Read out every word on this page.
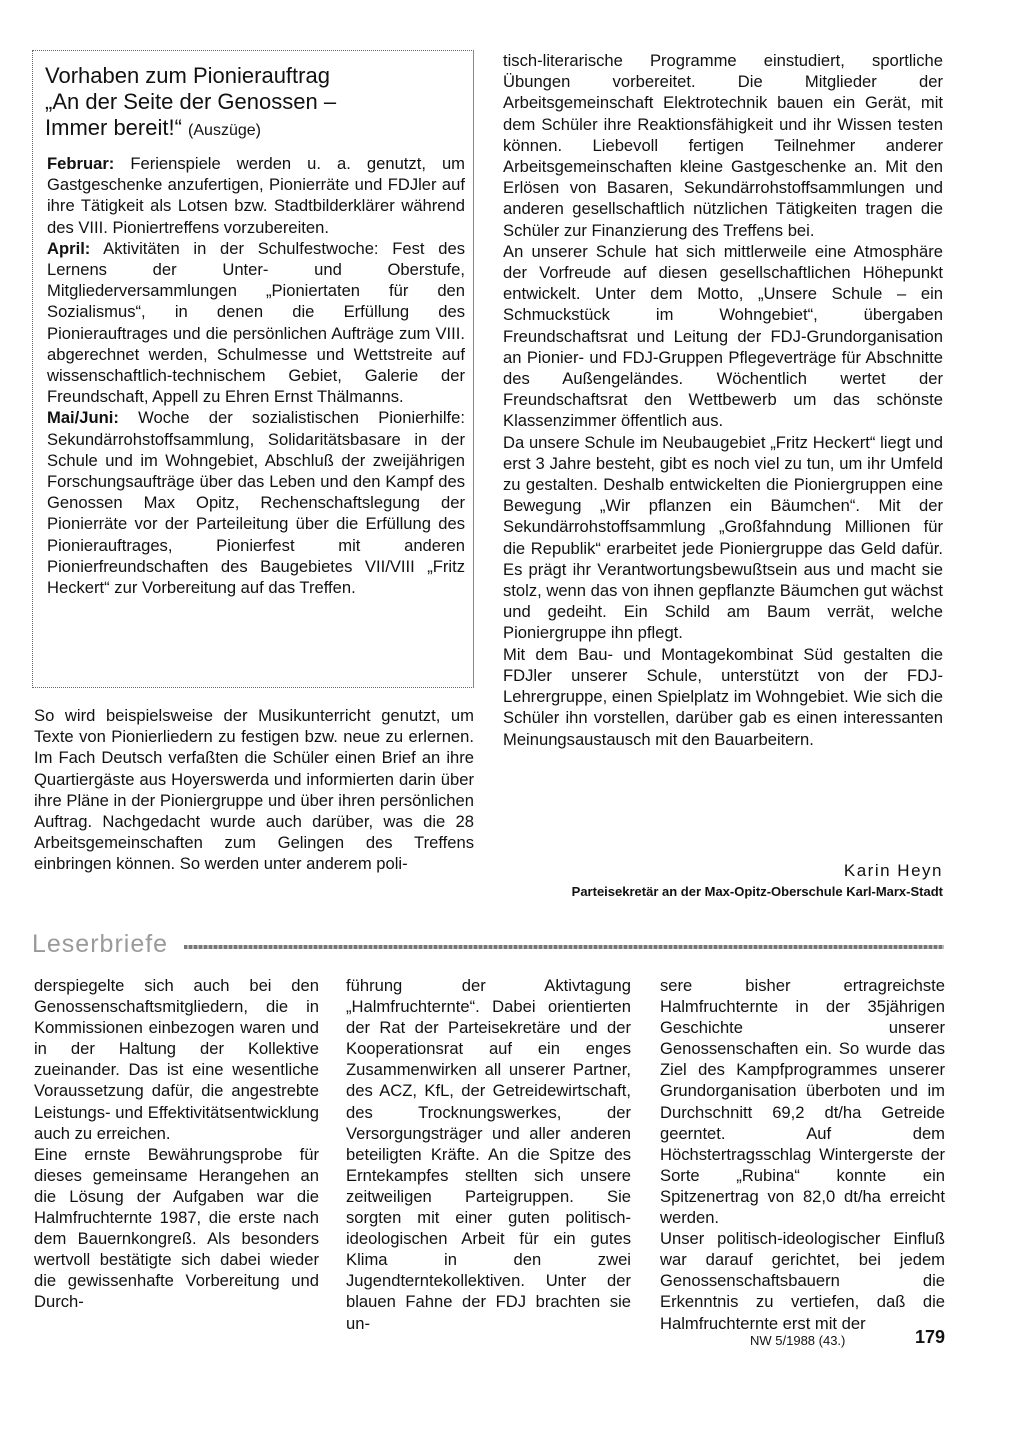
Vorhaben zum Pionierauftrag
„An der Seite der Genossen –
Immer bereit!“ (Auszüge)

Februar: Ferienspiele werden u. a. genutzt, um Gastgeschenke anzufertigen, Pionierräte und FDJler auf ihre Tätigkeit als Lotsen bzw. Stadtbilderklärer während des VIII. Pioniertreffens vorzubereiten.

April: Aktivitäten in der Schulfestwoche: Fest des Lernens der Unter- und Oberstufe, Mitgliederversammlungen „Pioniertaten für den Sozialismus“, in denen die Erfüllung des Pionierauftrages und die persönlichen Aufträge zum VIII. abgerechnet werden, Schulmesse und Wettstreite auf wissenschaftlich-technischem Gebiet, Galerie der Freundschaft, Appell zu Ehren Ernst Thälmanns.

Mai/Juni: Woche der sozialistischen Pionierhilfe: Sekundärrohstoffsammlung, Solidaritätsbasare in der Schule und im Wohngebiet, Abschluß der zweijährigen Forschungsaufträge über das Leben und den Kampf des Genossen Max Opitz, Rechenschaftslegung der Pionierräte vor der Parteileitung über die Erfüllung des Pionierauftrages, Pionierfest mit anderen Pionierfreundschaften des Baugebietes VII/VIII „Fritz Heckert“ zur Vorbereitung auf das Treffen.

So wird beispielsweise der Musikunterricht genutzt, um Texte von Pionierliedern zu festigen bzw. neue zu erlernen. Im Fach Deutsch verfaßten die Schüler einen Brief an ihre Quartiergäste aus Hoyerswerda und informierten darin über ihre Pläne in der Pioniergruppe und über ihren persönlichen Auftrag. Nachgedacht wurde auch darüber, was die 28 Arbeitsgemeinschaften zum Gelingen des Treffens einbringen können. So werden unter anderem poli-

tisch-literarische Programme einstudiert, sportliche Übungen vorbereitet. Die Mitglieder der Arbeitsgemeinschaft Elektrotechnik bauen ein Gerät, mit dem Schüler ihre Reaktionsfähigkeit und ihr Wissen testen können. Liebevoll fertigen Teilnehmer anderer Arbeitsgemeinschaften kleine Gastgeschenke an. Mit den Erlösen von Basaren, Sekundärrohstoffsammlungen und anderen gesellschaftlich nützlichen Tätigkeiten tragen die Schüler zur Finanzierung des Treffens bei.

An unserer Schule hat sich mittlerweile eine Atmosphäre der Vorfreude auf diesen gesellschaftlichen Höhepunkt entwickelt. Unter dem Motto, „Unsere Schule – ein Schmuckstück im Wohngebiet“, übergaben Freundschaftsrat und Leitung der FDJ-Grundorganisation an Pionier- und FDJ-Gruppen Pflegeverträge für Abschnitte des Außengeländes. Wöchentlich wertet der Freundschaftsrat den Wettbewerb um das schönste Klassenzimmer öffentlich aus.

Da unsere Schule im Neubaugebiet „Fritz Heckert“ liegt und erst 3 Jahre besteht, gibt es noch viel zu tun, um ihr Umfeld zu gestalten. Deshalb entwickelten die Pioniergruppen eine Bewegung „Wir pflanzen ein Bäumchen“. Mit der Sekundärrohstoffsammlung „Großfahndung Millionen für die Republik“ erarbeitet jede Pioniergruppe das Geld dafür. Es prägt ihr Verantwortungsbewußtsein aus und macht sie stolz, wenn das von ihnen gepflanzte Bäumchen gut wächst und gedeiht. Ein Schild am Baum verrät, welche Pioniergruppe ihn pflegt.

Mit dem Bau- und Montagekombinat Süd gestalten die FDJler unserer Schule, unterstützt von der FDJ-Lehrergruppe, einen Spielplatz im Wohngebiet. Wie sich die Schüler ihn vorstellen, darüber gab es einen interessanten Meinungsaustausch mit den Bauarbeitern.

Karin Heyn
Parteisekretär an der Max-Opitz-Oberschule Karl-Marx-Stadt
Leserbriefe

derspiegelte sich auch bei den Genossenschaftsmitgliedern, die in Kommissionen einbezogen waren und in der Haltung der Kollektive zueinander. Das ist eine wesentliche Voraussetzung dafür, die angestrebte Leistungs- und Effektivitätsentwicklung auch zu erreichen.

Eine ernste Bewährungsprobe für dieses gemeinsame Herangehen an die Lösung der Aufgaben war die Halmfruchternte 1987, die erste nach dem Bauernkongreß. Als besonders wertvoll bestätigte sich dabei wieder die gewissenhafte Vorbereitung und Durch-

führung der Aktivtagung „Halmfruchternte“. Dabei orientierten der Rat der Parteisekretäre und der Kooperationsrat auf ein enges Zusammenwirken all unserer Partner, des ACZ, KfL, der Getreidewirtschaft, des Trocknungswerkes, der Versorgungsträger und aller anderen beteiligten Kräfte. An die Spitze des Erntekampfes stellten sich unsere zeitweiligen Parteigruppen. Sie sorgten mit einer guten politisch-ideologischen Arbeit für ein gutes Klima in den zwei Jugendterntekollektiven. Unter der blauen Fahne der FDJ brachten sie un-

sere bisher ertragreichste Halmfruchternte in der 35jährigen Geschichte unserer Genossenschaften ein. So wurde das Ziel des Kampfprogrammes unserer Grundorganisation überboten und im Durchschnitt 69,2 dt/ha Getreide geerntet. Auf dem Höchstertragsschlag Wintergerste der Sorte „Rubina“ konnte ein Spitzenertrag von 82,0 dt/ha erreicht werden.

Unser politisch-ideologischer Einfluß war darauf gerichtet, bei jedem Genossenschaftsbauern die Erkenntnis zu vertiefen, daß die Halmfruchternte erst mit der

NW 5/1988 (43.)	179
